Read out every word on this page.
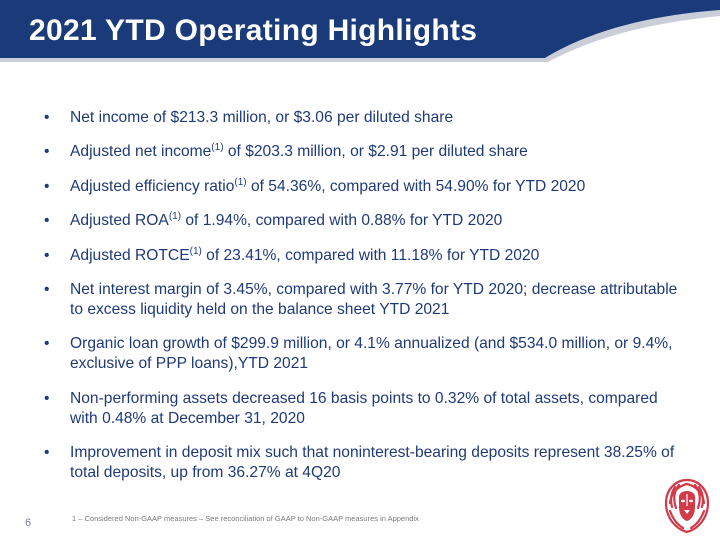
2021 YTD Operating Highlights
•	Net income of $213.3 million, or $3.06 per diluted share
•	Adjusted net income$^{(1)}$ of $203.3 million, or $2.91 per diluted share
•	Adjusted efficiency ratio$^{(1)}$ of 54.36%, compared with 54.90% for YTD 2020
•	Adjusted ROA$^{(1)}$ of 1.94%, compared with 0.88% for YTD 2020
•	Adjusted ROTCE$^{(1)}$ of 23.41%, compared with 11.18% for YTD 2020
•	Net interest margin of 3.45%, compared with 3.77% for YTD 2020; decrease attributable to excess liquidity held on the balance sheet YTD 2021
•	Organic loan growth of $299.9 million, or 4.1% annualized (and $534.0 million, or 9.4%, exclusive of PPP loans),YTD 2021
•	Non-performing assets decreased 16 basis points to 0.32% of total assets, compared with 0.48% at December 31, 2020
•	Improvement in deposit mix such that noninterest-bearing deposits represent 38.25% of total deposits, up from 36.27% at 4Q20
6	1 – Considered Non-GAAP measures – See reconciliation of GAAP to Non-GAAP measures in Appendix
